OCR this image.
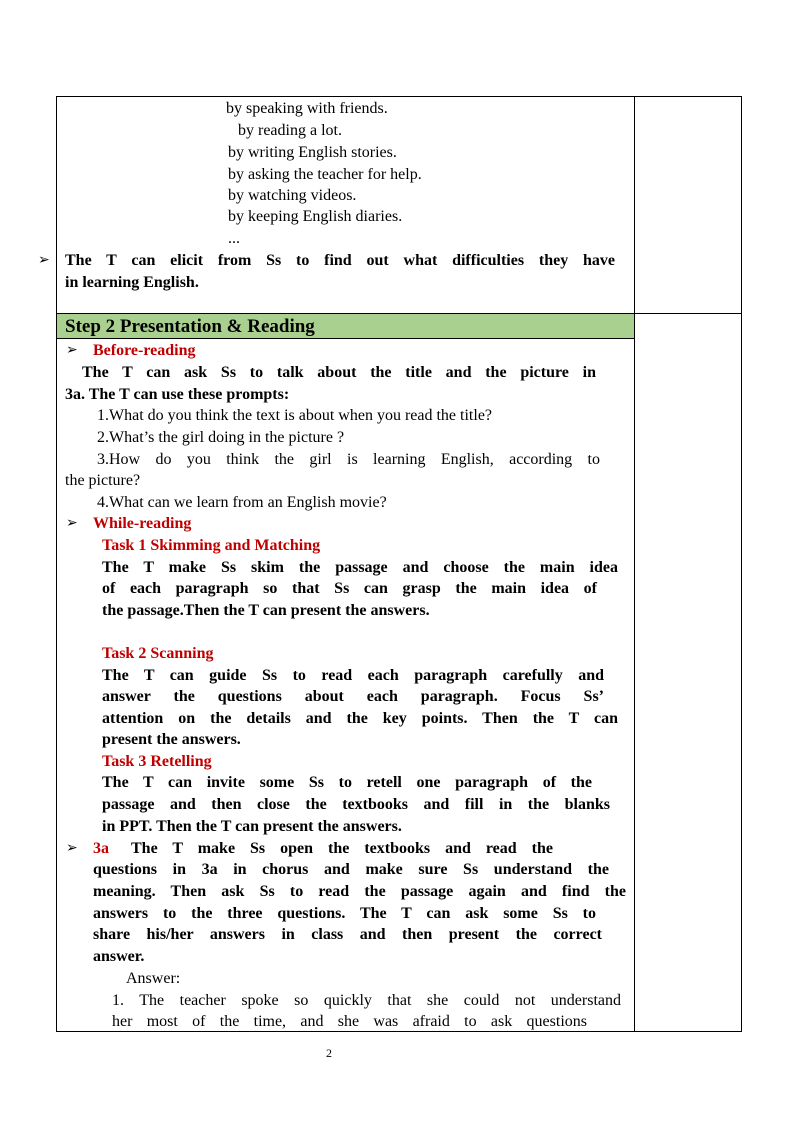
by speaking with friends.
by reading a lot.
by writing English stories.
by asking the teacher for help.
by watching videos.
by keeping English diaries.
...
➢ The T can elicit from Ss to find out what difficulties they have
in learning English.
Step 2 Presentation & Reading
➢ Before-reading
The T can ask Ss to talk about the title and the picture in
3a. The T can use these prompts:
1.What do you think the text is about when you read the title?
2.What’s the girl doing in the picture ?
3.How do you think the girl is learning English, according to
the picture?
4.What can we learn from an English movie?
➢ While-reading
Task 1 Skimming and Matching
The T make Ss skim the passage and choose the main idea
of each paragraph so that Ss can grasp the main idea of
the passage.Then the T can present the answers.
Task 2 Scanning
The T can guide Ss to read each paragraph carefully and
answer the questions about each paragraph. Focus Ss’
attention on the details and the key points. Then the T can
present the answers.
Task 3 Retelling
The T can invite some Ss to retell one paragraph of the
passage and then close the textbooks and fill in the blanks
in PPT. Then the T can present the answers.
➢ 3a The T make Ss open the textbooks and read the
questions in 3a in chorus and make sure Ss understand the
meaning. Then ask Ss to read the passage again and find the
answers to the three questions. The T can ask some Ss to
share his/her answers in class and then present the correct
answer.
Answer:
1. The teacher spoke so quickly that she could not understand
her most of the time, and she was afraid to ask questions
2
